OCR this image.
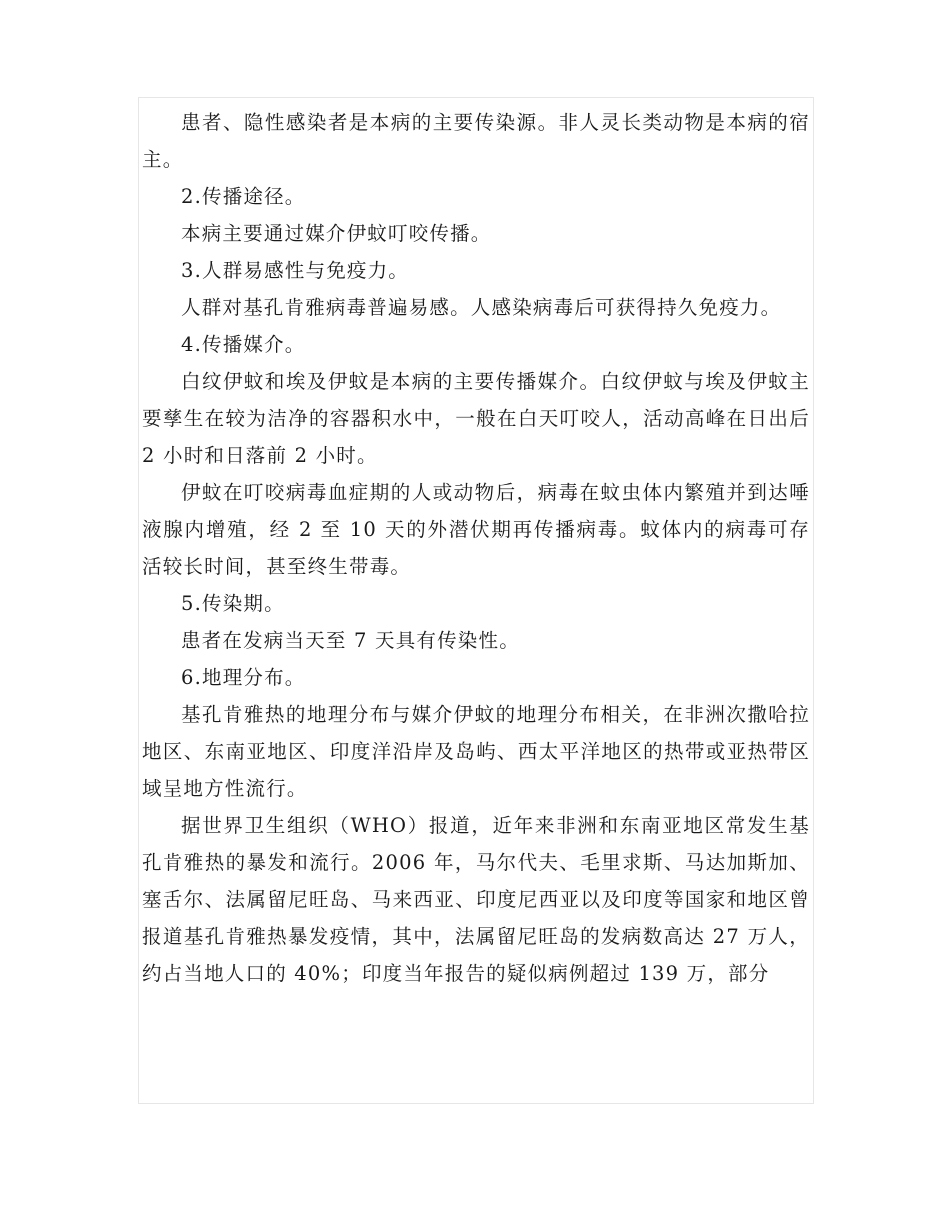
患者、隐性感染者是本病的主要传染源。非人灵长类动物是本病的宿主。

2.传播途径。

本病主要通过媒介伊蚊叮咬传播。

3.人群易感性与免疫力。

人群对基孔肯雅病毒普遍易感。人感染病毒后可获得持久免疫力。

4.传播媒介。

白纹伊蚊和埃及伊蚊是本病的主要传播媒介。白纹伊蚊与埃及伊蚊主要孳生在较为洁净的容器积水中，一般在白天叮咬人，活动高峰在日出后 2 小时和日落前 2 小时。

伊蚊在叮咬病毒血症期的人或动物后，病毒在蚊虫体内繁殖并到达唾液腺内增殖，经 2 至 10 天的外潜伏期再传播病毒。蚊体内的病毒可存活较长时间，甚至终生带毒。

5.传染期。

患者在发病当天至 7 天具有传染性。

6.地理分布。

基孔肯雅热的地理分布与媒介伊蚊的地理分布相关，在非洲次撒哈拉地区、东南亚地区、印度洋沿岸及岛屿、西太平洋地区的热带或亚热带区域呈地方性流行。

据世界卫生组织（WHO）报道，近年来非洲和东南亚地区常发生基孔肯雅热的暴发和流行。2006 年，马尔代夫、毛里求斯、马达加斯加、塞舌尔、法属留尼旺岛、马来西亚、印度尼西亚以及印度等国家和地区曾报道基孔肯雅热暴发疫情，其中，法属留尼旺岛的发病数高达 27 万人，约占当地人口的 40%；印度当年报告的疑似病例超过 139 万，部分
